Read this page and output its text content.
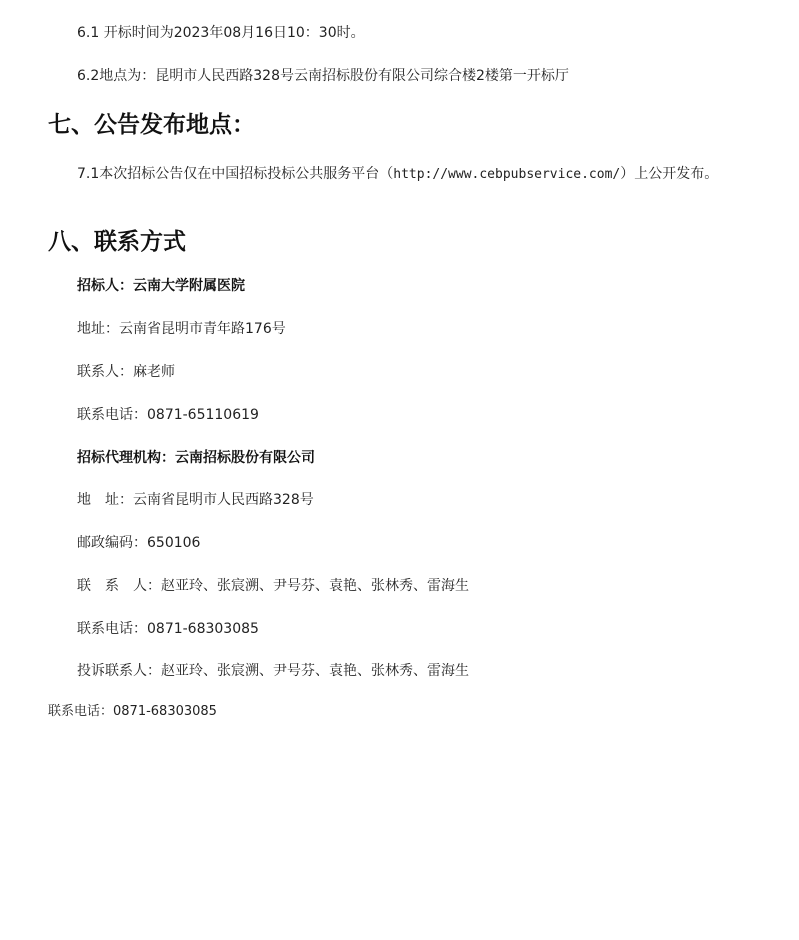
6.1 开标时间为2023年08月16日10：30时。
6.2地点为：昆明市人民西路328号云南招标股份有限公司综合楼2楼第一开标厅
七、公告发布地点：
7.1本次招标公告仅在中国招标投标公共服务平台（http://www.cebpubservice.com/）上公开发布。
八、联系方式
招标人：云南大学附属医院
地址：云南省昆明市青年路176号
联系人：麻老师
联系电话：0871-65110619
招标代理机构：云南招标股份有限公司
地　址：云南省昆明市人民西路328号
邮政编码：650106
联　系　人：赵亚玲、张宸溯、尹号芬、袁艳、张林秀、雷海生
联系电话：0871-68303085
投诉联系人：赵亚玲、张宸溯、尹号芬、袁艳、张林秀、雷海生
联系电话：0871-68303085
